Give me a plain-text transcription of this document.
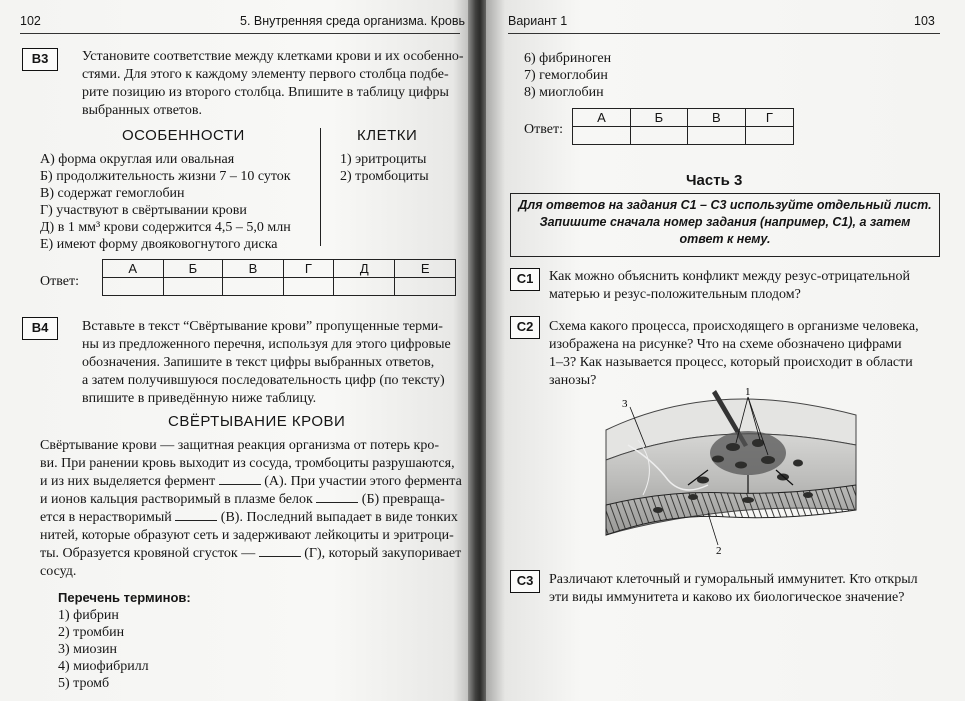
102	5. Внутренняя среда организма. Кровь
В3	Установите соответствие между клетками крови и их особенно-
стями. Для этого к каждому элементу первого столбца подбе-
рите позицию из второго столбца. Впишите в таблицу цифры
выбранных ответов.
ОСОБЕННОСТИ	КЛЕТКИ
А) форма округлая или овальная
Б) продолжительность жизни 7 – 10 суток
В) содержат гемоглобин
Г) участвуют в свёртывании крови
Д) в 1 мм³ крови содержится 4,5 – 5,0 млн
Е) имеют форму двояковогнутого диска
1) эритроциты
2) тромбоциты
Ответ:
А	Б	В	Г	Д	Е

В4	Вставьте в текст “Свёртывание крови” пропущенные терми-
ны из предложенного перечня, используя для этого цифровые
обозначения. Запишите в текст цифры выбранных ответов,
а затем получившуюся последовательность цифр (по тексту)
впишите в приведённую ниже таблицу.
СВЁРТЫВАНИЕ КРОВИ
Свёртывание крови — защитная реакция организма от потерь кро-
ви. При ранении кровь выходит из сосуда, тромбоциты разрушаются,
и из них выделяется фермент	(А). При участии этого фермента
и ионов кальция растворимый в плазме белок	(Б) превраща-
ется в нерастворимый	(В). Последний выпадает в виде тонких
нитей, которые образуют сеть и задерживают лейкоциты и эритроци-
ты. Образуется кровяной сгусток —	(Г), который закупоривает
сосуд.
Перечень терминов:
1) фибрин
2) тромбин
3) миозин
4) миофибрилл
5) тромб
Вариант 1	103
6) фибриноген
7) гемоглобин
8) миоглобин
Ответ:
А	Б	В	Г

Часть 3
Для ответов на задания С1 – С3 используйте отдельный лист.
Запишите сначала номер задания (например, С1), а затем
ответ к нему.
С1	Как можно объяснить конфликт между резус-отрицательной
матерью и резус-положительным плодом?
С2	Схема какого процесса, происходящего в организме человека,
изображена на рисунке? Что на схеме обозначено цифрами
1–3? Как называется процесс, который происходит в области
занозы?
1
2
3
С3	Различают клеточный и гуморальный иммунитет. Кто открыл
эти виды иммунитета и каково их биологическое значение?
